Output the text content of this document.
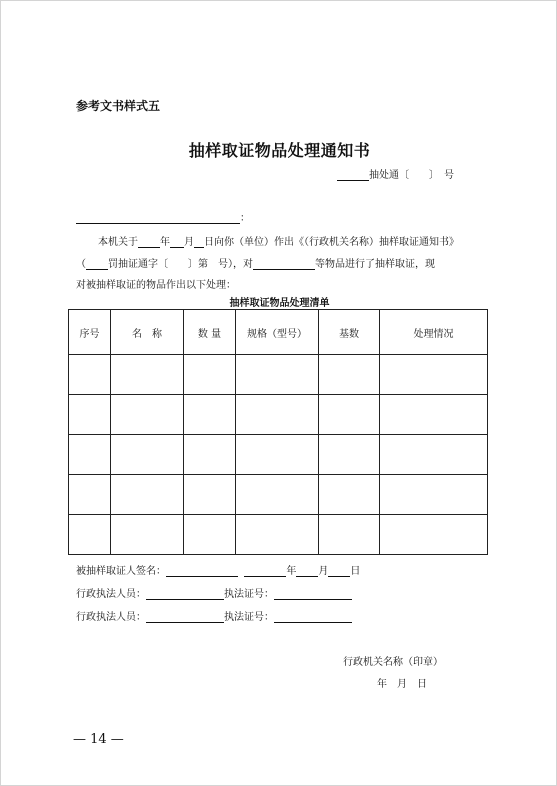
参考文书样式五
抽样取证物品处理通知书
抽处通〔　　〕　号
：
本机关于 年 月 日向你（单位）作出《（行政机关名称）抽样取证通知书》
（ 罚抽证通字〔　　〕第　号），对	等物品进行了抽样取证，现
对被抽样取证的物品作出以下处理：
抽样取证物品处理清单
序号	名　称	数 量	规格（型号）	基数	处理情况

被抽样取证人签名：	年 月 日
行政执法人员：	执法证号：
行政执法人员：	执法证号：
行政机关名称（印章）
年　月　日
— 14 —
